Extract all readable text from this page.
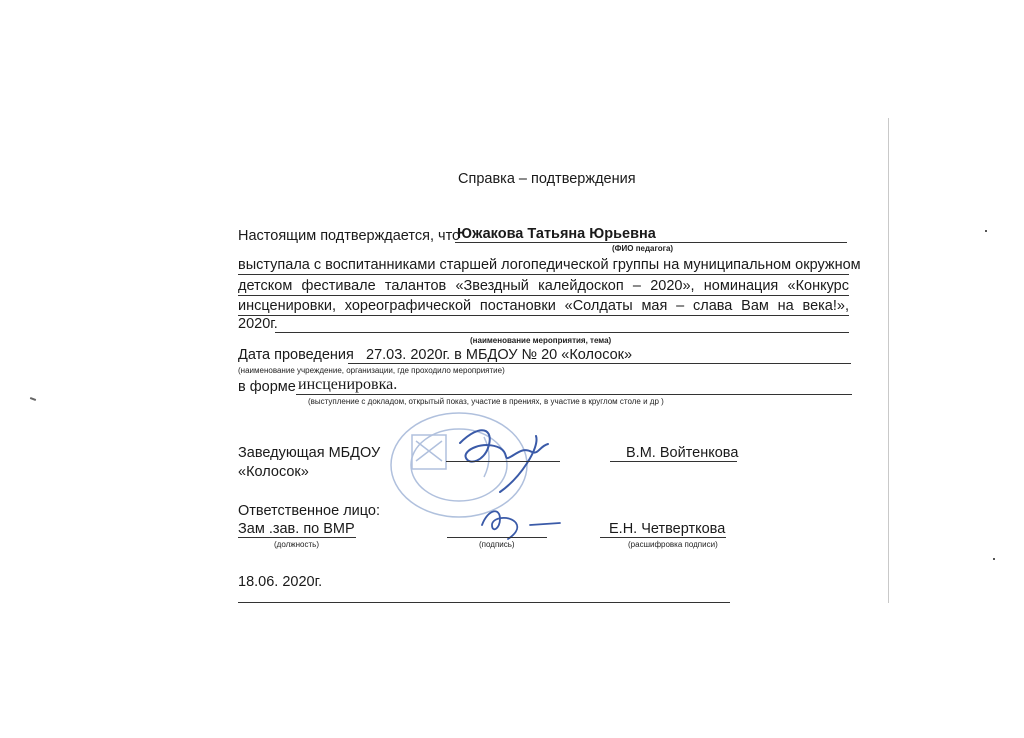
Справка – подтверждения
Настоящим подтверждается, что
Южакова Татьяна Юрьевна
(ФИО педагога)
выступала с воспитанниками старшей логопедической группы на муниципальном окружном
детском фестивале талантов «Звездный калейдоскоп – 2020», номинация «Конкурс
инсценировки, хореографической постановки «Солдаты мая – слава Вам на века!»,
2020г.
(наименование мероприятия, тема)
Дата проведения 27.03. 2020г. в МБДОУ № 20 «Колосок»
(наименование учреждение, организации, где проходило мероприятие)
в форме инсценировка.
(выступление с докладом, открытый показ, участие в прениях, в участие в круглом столе и др )
Заведующая МБДОУ	В.М. Войтенкова
«Колосок»
Ответственное лицо:
Зам .зав. по ВМР	Е.Н. Четверткова
(должность)	(подпись)	(расшифровка подписи)
18.06. 2020г.
